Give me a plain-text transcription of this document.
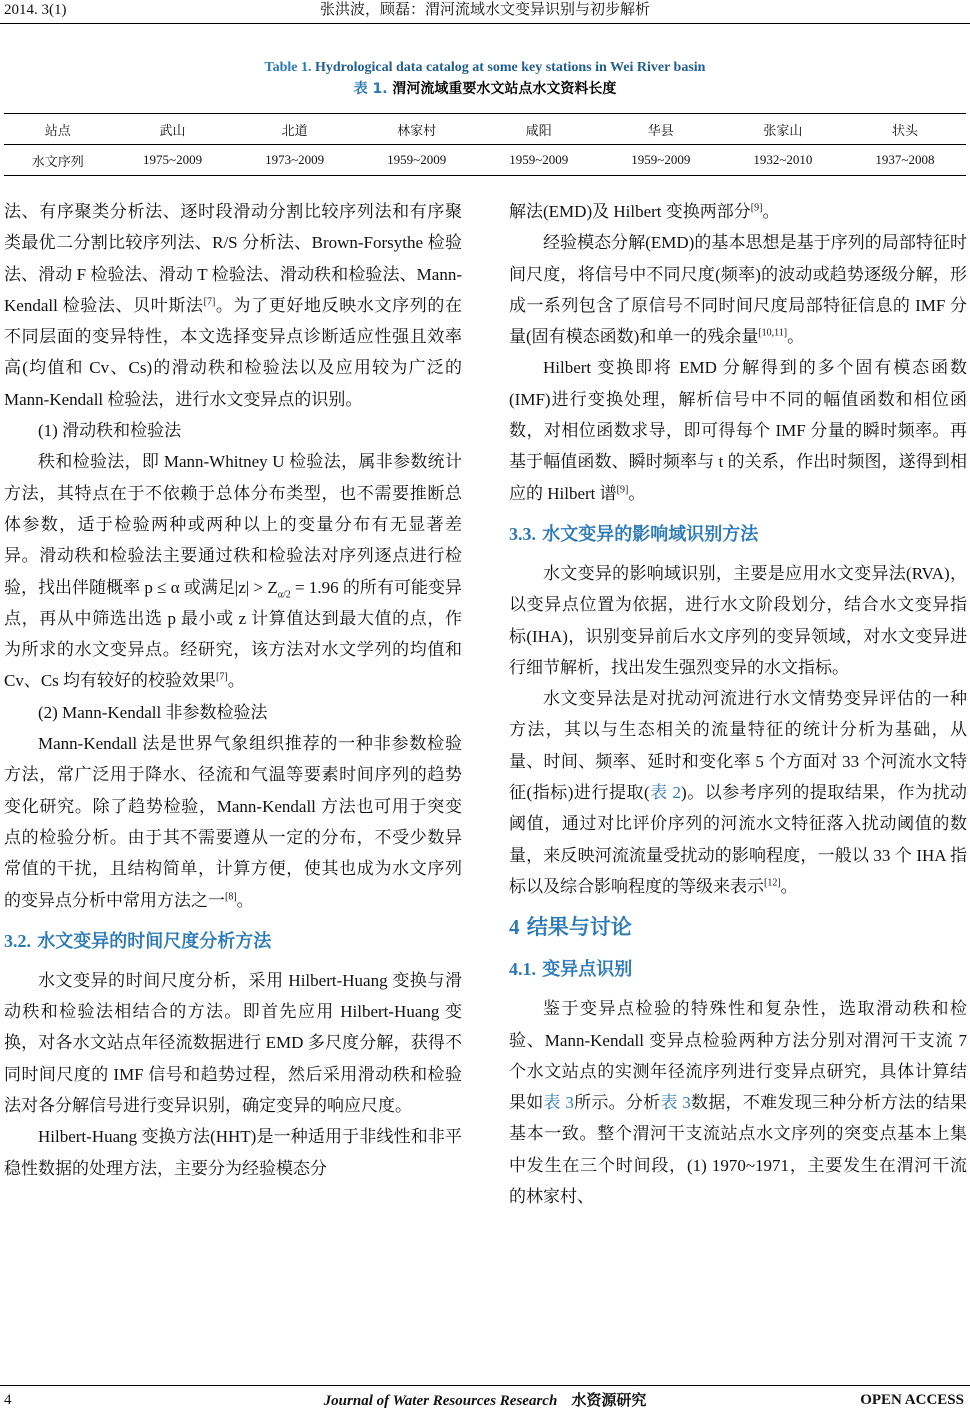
2014. 3(1)	张洪波，顾磊：渭河流域水文变异识别与初步解析
Table 1. Hydrological data catalog at some key stations in Wei River basin
表 1. 渭河流域重要水文站点水文资料长度
站点	武山	北道	林家村	咸阳	华县	张家山	状头
水文序列	1975~2009	1973~2009	1959~2009	1959~2009	1959~2009	1932~2010	1937~2008

法、有序聚类分析法、逐时段滑动分割比较序列法和有序聚类最优二分割比较序列法、R/S 分析法、Brown-Forsythe 检验法、滑动 F 检验法、滑动 T 检验法、滑动秩和检验法、Mann-Kendall 检验法、贝叶斯法[7]。为了更好地反映水文序列的在不同层面的变异特性，本文选择变异点诊断适应性强且效率高(均值和 Cv、Cs)的滑动秩和检验法以及应用较为广泛的 Mann-Kendall 检验法，进行水文变异点的识别。

(1) 滑动秩和检验法

秩和检验法，即 Mann-Whitney U 检验法，属非参数统计方法，其特点在于不依赖于总体分布类型，也不需要推断总体参数，适于检验两种或两种以上的变量分布有无显著差异。滑动秩和检验法主要通过秩和检验法对序列逐点进行检验，找出伴随概率 p ≤ α 或满足$|z| > Z_{\alpha/2} = 1.96$ 的所有可能变异点，再从中筛选出选 p 最小或 z 计算值达到最大值的点，作为所求的水文变异点。经研究，该方法对水文学列的均值和 Cv、Cs 均有较好的校验效果[7]。

(2) Mann-Kendall 非参数检验法

Mann-Kendall 法是世界气象组织推荐的一种非参数检验方法，常广泛用于降水、径流和气温等要素时间序列的趋势变化研究。除了趋势检验，Mann-Kendall 方法也可用于突变点的检验分析。由于其不需要遵从一定的分布，不受少数异常值的干扰，且结构简单，计算方便，使其也成为水文序列的变异点分析中常用方法之一[8]。

3.2. 水文变异的时间尺度分析方法

水文变异的时间尺度分析，采用 Hilbert-Huang 变换与滑动秩和检验法相结合的方法。即首先应用 Hilbert-Huang 变换，对各水文站点年径流数据进行 EMD 多尺度分解，获得不同时间尺度的 IMF 信号和趋势过程，然后采用滑动秩和检验法对各分解信号进行变异识别，确定变异的响应尺度。

Hilbert-Huang 变换方法(HHT)是一种适用于非线性和非平稳性数据的处理方法，主要分为经验模态分

解法(EMD)及 Hilbert 变换两部分[9]。

经验模态分解(EMD)的基本思想是基于序列的局部特征时间尺度，将信号中不同尺度(频率)的波动或趋势逐级分解，形成一系列包含了原信号不同时间尺度局部特征信息的 IMF 分量(固有模态函数)和单一的残余量[10,11]。

Hilbert 变换即将 EMD 分解得到的多个固有模态函数(IMF)进行变换处理，解析信号中不同的幅值函数和相位函数，对相位函数求导，即可得每个 IMF 分量的瞬时频率。再基于幅值函数、瞬时频率与 t 的关系，作出时频图，遂得到相应的 Hilbert 谱[9]。

3.3. 水文变异的影响域识别方法

水文变异的影响域识别，主要是应用水文变异法(RVA)，以变异点位置为依据，进行水文阶段划分，结合水文变异指标(IHA)，识别变异前后水文序列的变异领域，对水文变异进行细节解析，找出发生强烈变异的水文指标。

水文变异法是对扰动河流进行水文情势变异评估的一种方法，其以与生态相关的流量特征的统计分析为基础，从量、时间、频率、延时和变化率 5 个方面对 33 个河流水文特征(指标)进行提取(表 2)。以参考序列的提取结果，作为扰动阈值，通过对比评价序列的河流水文特征落入扰动阈值的数量，来反映河流流量受扰动的影响程度，一般以 33 个 IHA 指标以及综合影响程度的等级来表示[12]。

4 结果与讨论
4.1. 变异点识别

鉴于变异点检验的特殊性和复杂性，选取滑动秩和检验、Mann-Kendall 变异点检验两种方法分别对渭河干支流 7 个水文站点的实测年径流序列进行变异点研究，具体计算结果如表 3所示。分析表 3数据，不难发现三种分析方法的结果基本一致。整个渭河干支流站点水文序列的突变点基本上集中发生在三个时间段，(1) 1970~1971，主要发生在渭河干流的林家村、

4	Journal of Water Resources Research 水资源研究	OPEN ACCESS
